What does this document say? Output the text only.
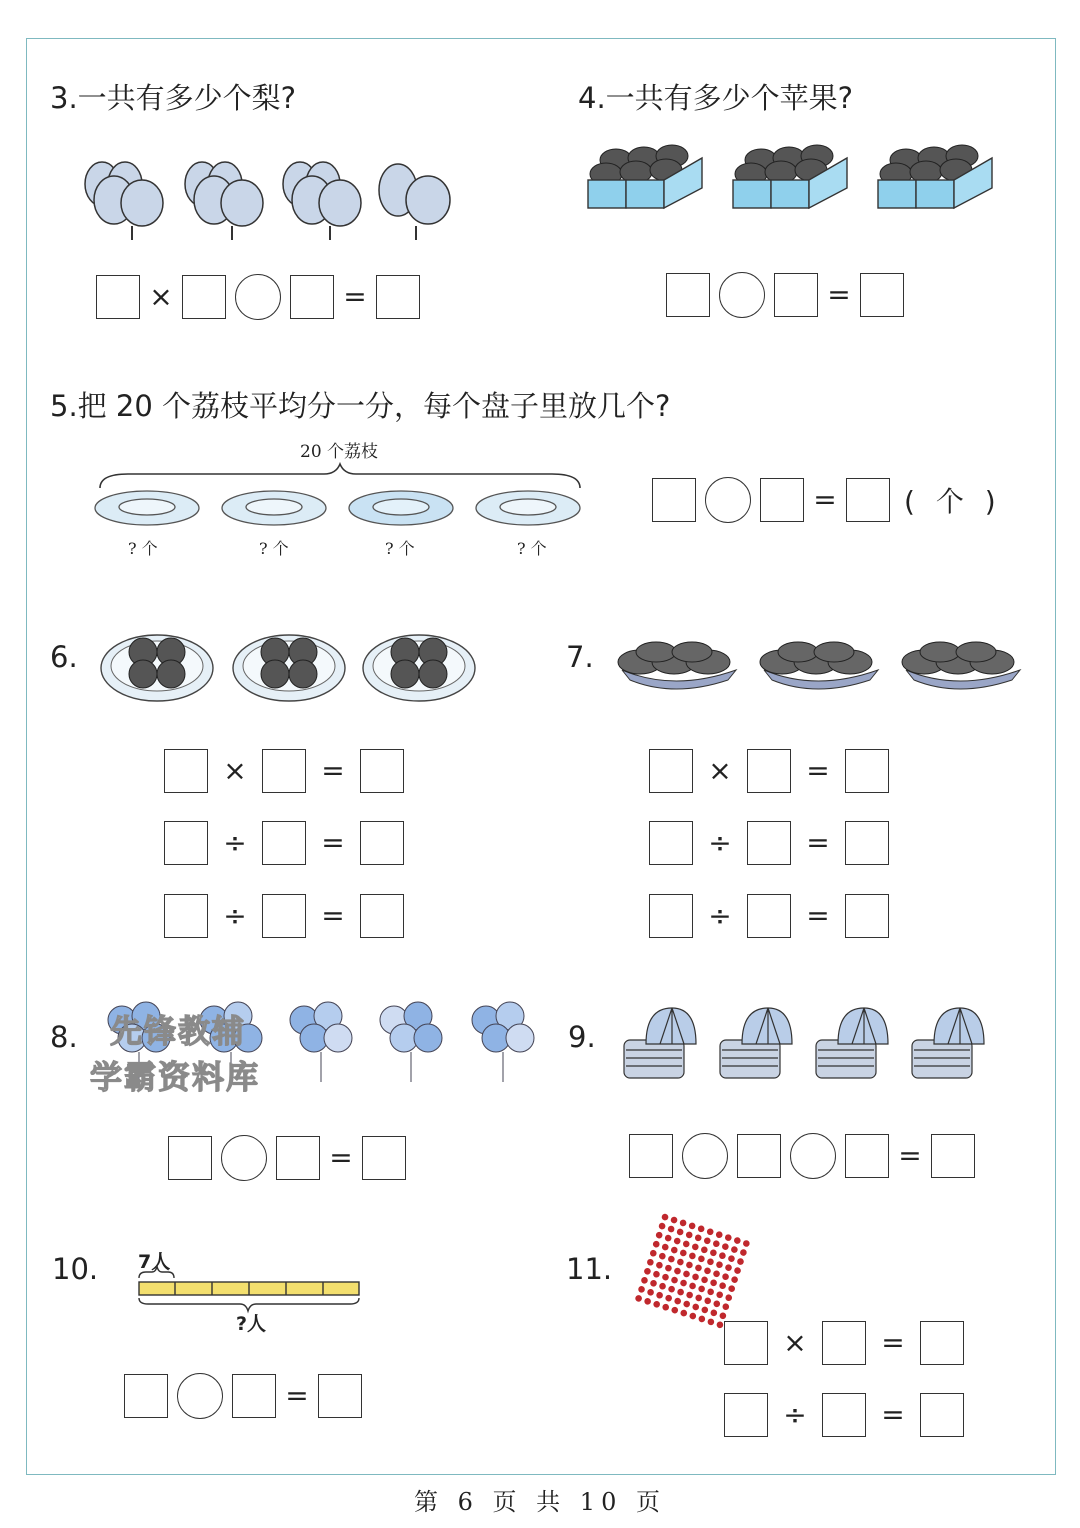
3.一共有多少个梨?
×	=
4.一共有多少个苹果?
=
5.把 20 个荔枝平均分一分，每个盘子里放几个?
20 个荔枝
? 个	? 个	? 个	? 个
=	( 个 )
6.
×	=
÷	=
÷	=
7.
×	=
÷	=
÷	=
8. 先锋教辅
学霸资料库
=
9.
=
10. 7人
?人
=
11.
×	=
÷	=
第 6 页 共 10 页
